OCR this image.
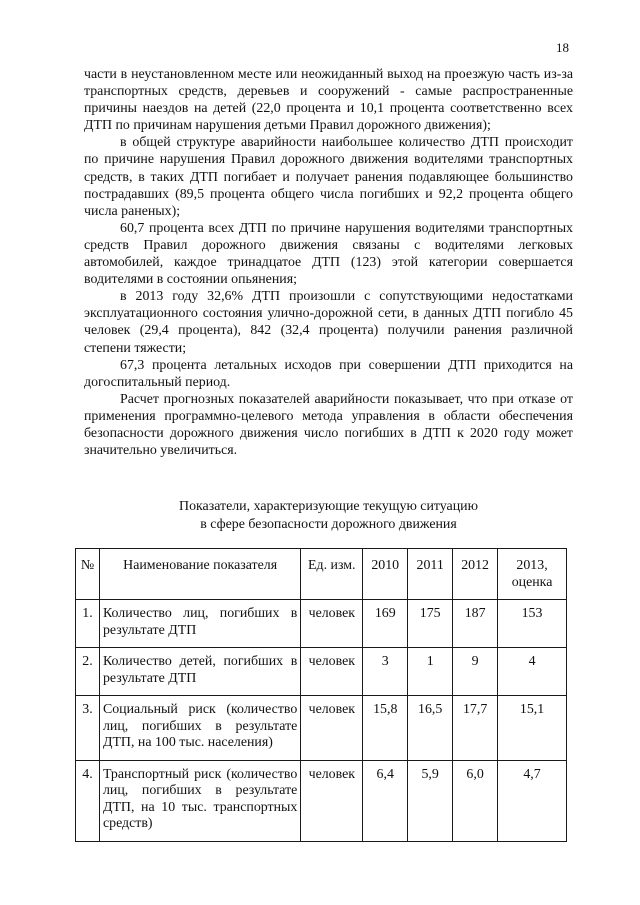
18

части в неустановленном месте или неожиданный выход на проезжую часть из-за транспортных средств, деревьев и сооружений - самые распространенные причины наездов на детей (22,0 процента и 10,1 процента соответственно всех ДТП по причинам нарушения детьми Правил дорожного движения);

в общей структуре аварийности наибольшее количество ДТП происходит по причине нарушения Правил дорожного движения водителями транспортных средств, в таких ДТП погибает и получает ранения подавляющее большинство пострадавших (89,5 процента общего числа погибших и 92,2 процента общего числа раненых);

60,7 процента всех ДТП по причине нарушения водителями транспортных средств Правил дорожного движения связаны с водителями легковых автомобилей, каждое тринадцатое ДТП (123) этой категории совершается водителями в состоянии опьянения;

в 2013 году 32,6% ДТП произошли с сопутствующими недостатками эксплуатационного состояния улично-дорожной сети, в данных ДТП погибло 45 человек (29,4 процента), 842 (32,4 процента) получили ранения различной степени тяжести;

67,3 процента летальных исходов при совершении ДТП приходится на догоспитальный период.

Расчет прогнозных показателей аварийности показывает, что при отказе от применения программно-целевого метода управления в области обеспечения безопасности дорожного движения число погибших в ДТП к 2020 году может значительно увеличиться.

Показатели, характеризующие текущую ситуацию
в сфере безопасности дорожного движения
№	Наименование показателя	Ед. изм.	2010	2011	2012	2013, оценка
1.	Количество лиц, погибших в результате ДТП	человек	169	175	187	153
2.	Количество детей, погибших в результате ДТП	человек	3	1	9	4
3.	Социальный риск (количество лиц, погибших в результате ДТП, на 100 тыс. населения)	человек	15,8	16,5	17,7	15,1
4.	Транспортный риск (количество лиц, погибших в результате ДТП, на 10 тыс. транспортных средств)	человек	6,4	5,9	6,0	4,7
